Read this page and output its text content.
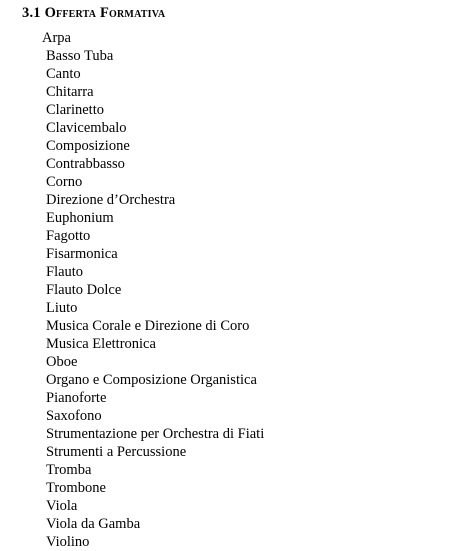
3.1 Offerta Formativa
Arpa
Basso Tuba
Canto
Chitarra
Clarinetto
Clavicembalo
Composizione
Contrabbasso
Corno
Direzione d’Orchestra
Euphonium
Fagotto
Fisarmonica
Flauto
Flauto Dolce
Liuto
Musica Corale e Direzione di Coro
Musica Elettronica
Oboe
Organo e Composizione Organistica
Pianoforte
Saxofono
Strumentazione per Orchestra di Fiati
Strumenti a Percussione
Tromba
Trombone
Viola
Viola da Gamba
Violino
